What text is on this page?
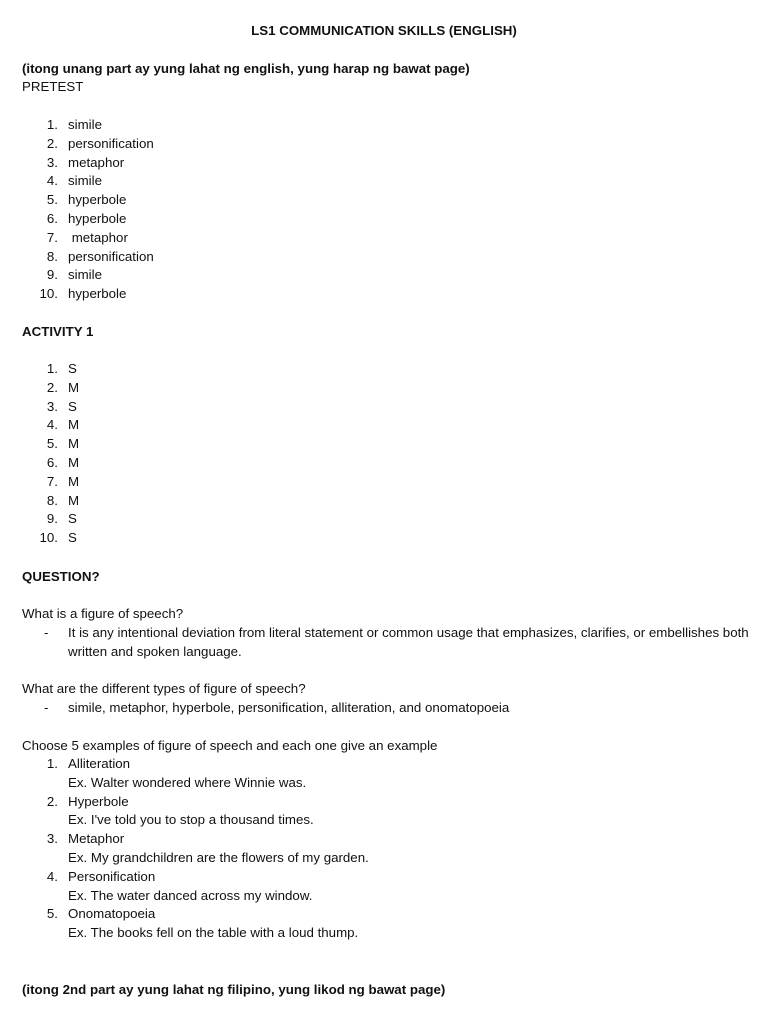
LS1 COMMUNICATION SKILLS (ENGLISH)
(itong unang part ay yung lahat ng english, yung harap ng bawat page)
PRETEST
1. simile
2. personification
3. metaphor
4. simile
5. hyperbole
6. hyperbole
7. metaphor
8. personification
9. simile
10. hyperbole
ACTIVITY 1
1. S
2. M
3. S
4. M
5. M
6. M
7. M
8. M
9. S
10. S
QUESTION?
What is a figure of speech?
- It is any intentional deviation from literal statement or common usage that emphasizes, clarifies, or embellishes both written and spoken language.
What are the different types of figure of speech?
- simile, metaphor, hyperbole, personification, alliteration, and onomatopoeia
Choose 5 examples of figure of speech and each one give an example
1. Alliteration
Ex. Walter wondered where Winnie was.
2. Hyperbole
Ex. I've told you to stop a thousand times.
3. Metaphor
Ex. My grandchildren are the flowers of my garden.
4. Personification
Ex. The water danced across my window.
5. Onomatopoeia
Ex. The books fell on the table with a loud thump.
(itong 2nd part ay yung lahat ng filipino, yung likod ng bawat page)
